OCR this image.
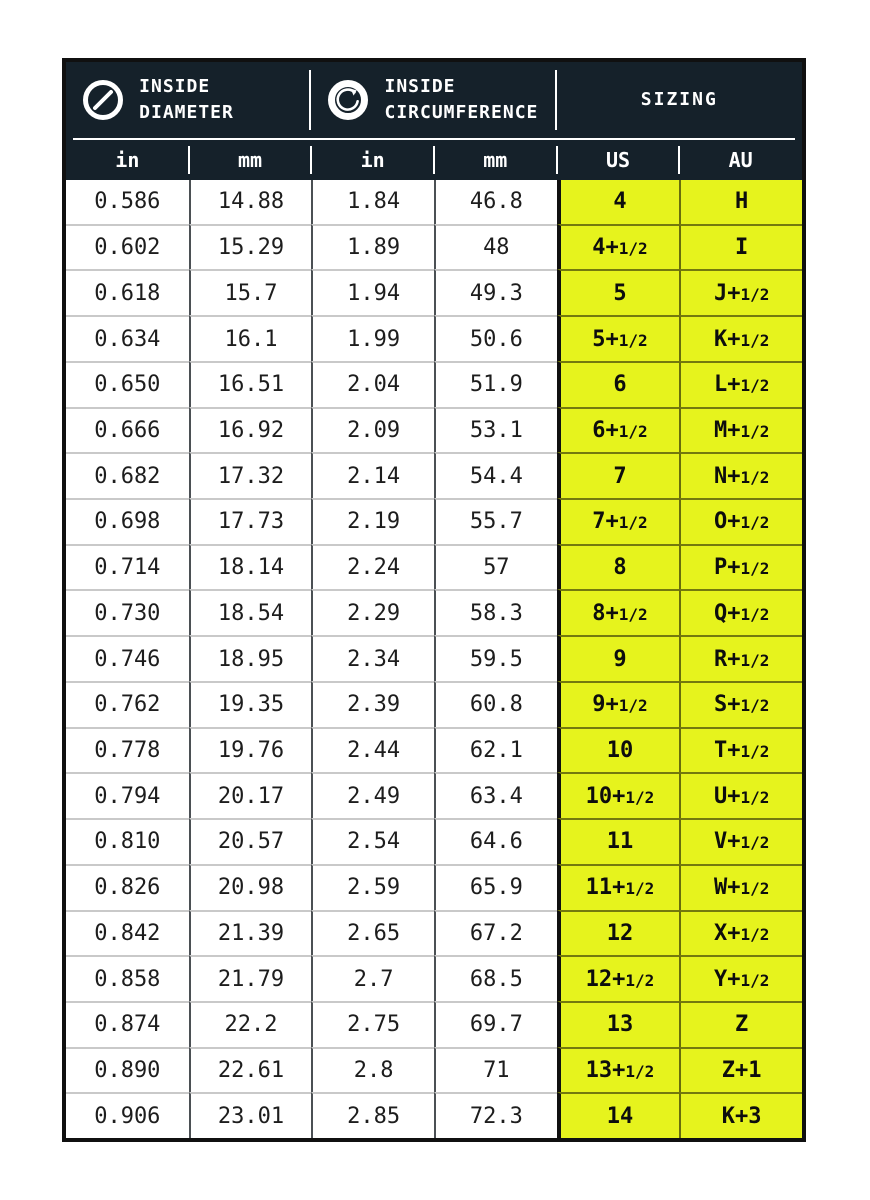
INSIDE DIAMETER
INSIDE CIRCUMFERENCE
SIZING
in	mm	in	mm	US	AU
0.586	14.88	1.84	46.8	4	H
0.602	15.29	1.89	48	4+1/2	I
0.618	15.7	1.94	49.3	5	J+1/2
0.634	16.1	1.99	50.6	5+1/2	K+1/2
0.650	16.51	2.04	51.9	6	L+1/2
0.666	16.92	2.09	53.1	6+1/2	M+1/2
0.682	17.32	2.14	54.4	7	N+1/2
0.698	17.73	2.19	55.7	7+1/2	O+1/2
0.714	18.14	2.24	57	8	P+1/2
0.730	18.54	2.29	58.3	8+1/2	Q+1/2
0.746	18.95	2.34	59.5	9	R+1/2
0.762	19.35	2.39	60.8	9+1/2	S+1/2
0.778	19.76	2.44	62.1	10	T+1/2
0.794	20.17	2.49	63.4	10+1/2	U+1/2
0.810	20.57	2.54	64.6	11	V+1/2
0.826	20.98	2.59	65.9	11+1/2	W+1/2
0.842	21.39	2.65	67.2	12	X+1/2
0.858	21.79	2.7	68.5	12+1/2	Y+1/2
0.874	22.2	2.75	69.7	13	Z
0.890	22.61	2.8	71	13+1/2	Z+1
0.906	23.01	2.85	72.3	14	K+3
